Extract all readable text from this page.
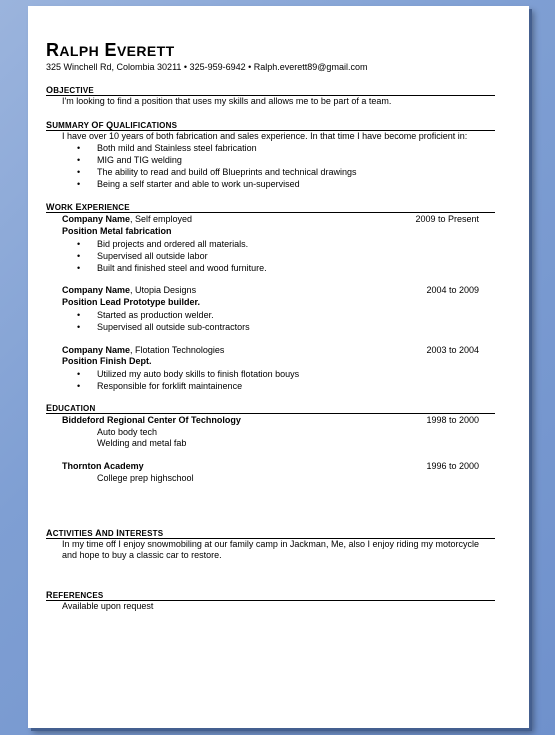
RALPH EVERETT
325 Winchell Rd, Colombia 30211 • 325-959-6942 • Ralph.everett89@gmail.com
OBJECTIVE
I'm looking to find a position that uses my skills and allows me to be part of a team.
SUMMARY OF QUALIFICATIONS
I have over 10 years of both fabrication and sales experience. In that time I have become proficient in:
• Both mild and Stainless steel fabrication
• MIG and TIG welding
• The ability to read and build off Blueprints and technical drawings
• Being a self starter and able to work un-supervised
WORK EXPERIENCE
Company Name, Self employed	2009 to Present
Position Metal fabrication
• Bid projects and ordered all materials.
• Supervised all outside labor
• Built and finished steel and wood furniture.
Company Name, Utopia Designs	2004 to 2009
Position Lead Prototype builder.
• Started as production welder.
• Supervised all outside sub-contractors
Company Name, Flotation Technologies	2003 to 2004
Position Finish Dept.
• Utilized my auto body skills to finish flotation bouys
• Responsible for forklift maintainence
EDUCATION
Biddeford Regional Center Of Technology	1998 to 2000
Auto body tech
Welding and metal fab
Thornton Academy	1996 to 2000
College prep highschool
ACTIVITIES AND INTERESTS
In my time off I enjoy snowmobiling at our family camp in Jackman, Me, also I enjoy riding my motorcycle and hope to buy a classic car to restore.
REFERENCES
Available upon request
